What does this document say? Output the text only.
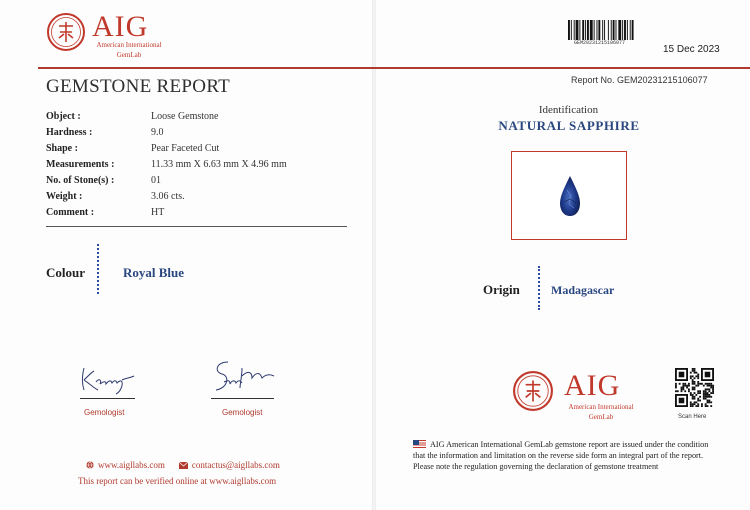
AIG
American International
GemLab
GEMSTONE REPORT
Object :	Loose Gemstone
Hardness :	9.0
Shape :	Pear Faceted Cut
Measurements :	11.33 mm X 6.63 mm X 4.96 mm
No. of Stone(s) :	01
Weight :	3.06 cts.
Comment :	HT
Colour	Royal Blue
Gemologist	Gemologist
www.aigllabs.com	contactus@aigllabs.com
This report can be verified online at www.aigllabs.com
GEM20231215106077
15 Dec 2023
Report No. GEM20231215106077
Identification
NATURAL SAPPHIRE
Origin	Madagascar
AIG
American International
GemLab	Scan Here
AIG American International GemLab gemstone report are issued under the condition that the information and limitation on the reverse side form an integral part of the report. Please note the regulation governing the declaration of gemstone treatment
